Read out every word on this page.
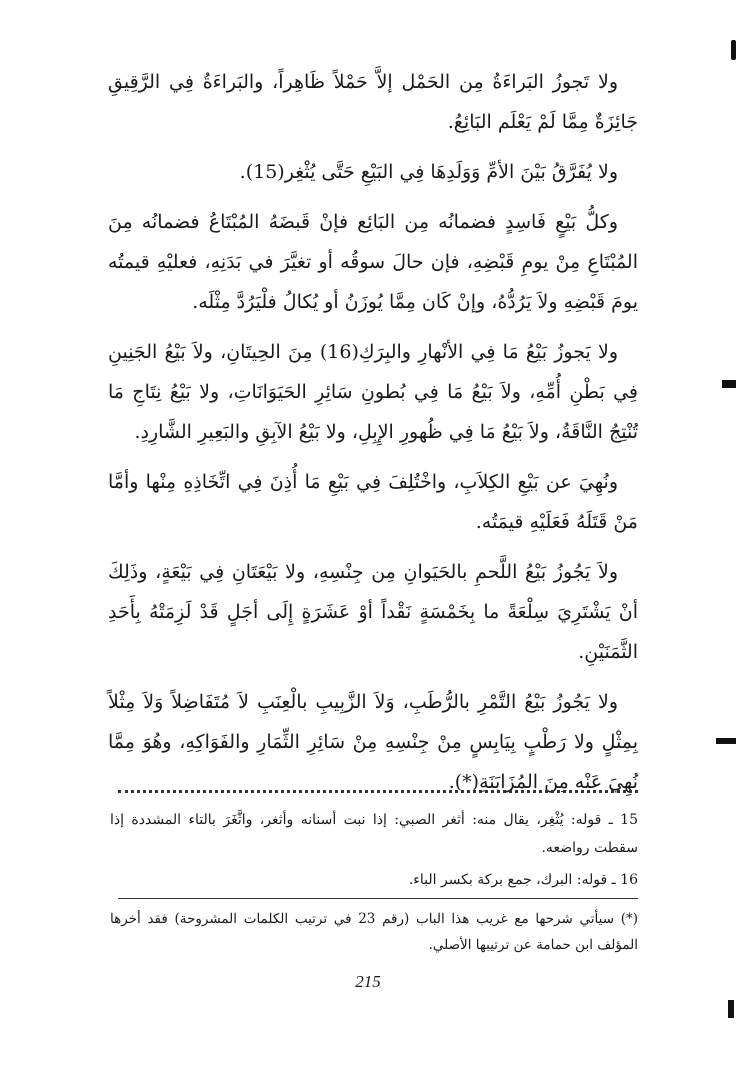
ولا تَجوزُ البَراءَةُ مِن الحَمْل إلاَّ حَمْلاً ظَاهِراً، والبَراءَةُ فِي الرَّقِيقِ جَائِزَةٌ مِمَّا لَمْ يَعْلَم البَائِعُ.

ولا يُفَرَّقُ بَيْنَ الأمِّ وَوَلَدِهَا فِي البَيْعِ حَتَّى يُثْغِر(15).

وكلُّ بَيْعٍ فَاسِدٍ فضمانُه مِن البَائِع فإنْ قَبضَهُ المُبْتَاعُ فضمانُه مِنَ المُبْتَاعِ مِنْ يومِ قَبْضِهِ، فإن حالَ سوقُه أو تغيَّرَ في بَدَنِهِ، فعليْهِ قيمتُه يومَ قَبْضِهِ ولاَ يَرُدُّهُ، وإنْ كَان مِمَّا يُوزَنُ أو يُكالُ فلْيَرُدَّ مِثْلَه.

ولا يَجوزُ بَيْعُ مَا فِي الأنْهارِ والبِرَكِ(16) مِنَ الحِيتَانِ، ولاَ بَيْعُ الجَنِينِ فِي بَطْنِ أُمِّهِ، ولاَ بَيْعُ مَا فِي بُطونِ سَائِرِ الحَيَوَانَاتِ، ولا بَيْعُ نِتَاجِ مَا تُنْتِجُ النَّاقَةُ، ولاَ بَيْعُ مَا فِي ظُهورِ الإِبِلِ، ولا بَيْعُ الآبِقِ والبَعِيرِ الشَّارِدِ.

ونُهِيَ عن بَيْعِ الكِلاَبِ، واخْتُلِفَ فِي بَيْعِ مَا أُذِنَ فِي اتِّخَاذِهِ مِنْها وأمَّا مَنْ قَتَلَهُ فَعَلَيْهِ قيمَتُه.

ولاَ يَجُوزُ بَيْعُ اللَّحمِ بالحَيَوانِ مِن جِنْسِهِ، ولا بَيْعَتَانِ فِي بَيْعَةٍ، وذَلِكَ أنْ يَشْتَرِيَ سِلْعَةً ما بِخَمْسَةٍ نَقْداً أوْ عَشَرَةٍ إِلَى أجَلٍ قَدْ لَزِمَتْهُ بِأَحَدِ الثَّمَنَيْنِ.

ولا يَجُوزُ بَيْعُ التَّمْرِ بالرُّطَبِ، وَلاَ الزَّبِيبِ بالْعِنَبِ لاَ مُتَفَاضِلاً وَلاَ مِثْلاً بِمِثْلٍ ولا رَطْبٍ بِيَابِسٍ مِنْ جِنْسِهِ مِنْ سَائِرِ الثِّمَارِ والفَوَاكِهِ، وهُوَ مِمَّا نُهِيَ عَنْه مِنَ المُزَابَنَةِ(*).

15 ـ قوله: يُثْغِر، يقال منه: أثغر الصبي: إذا نبت أسنانه وأثغر، واثَّغَرَ بالتاء المشددة إذا سقطت رواضعه.

16 ـ قوله: البرك، جمع بركة بكسر الباء.

(*) سيأتي شرحها مع غريب هذا الباب (رقم 23 في ترتيب الكلمات المشروحة) فقد أخرها المؤلف ابن حمامة عن ترتيبها الأصلي.
215
